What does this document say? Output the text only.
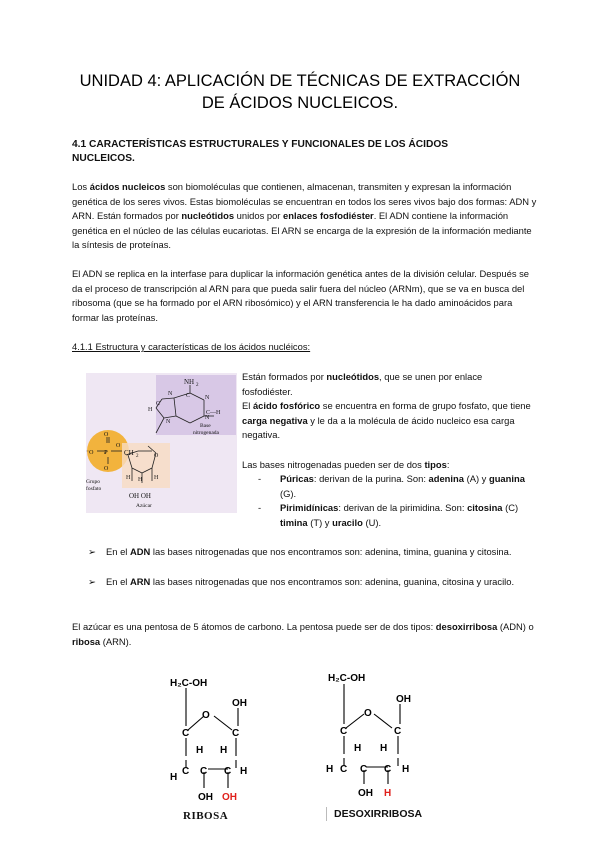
UNIDAD 4: APLICACIÓN DE TÉCNICAS DE EXTRACCIÓN
DE ÁCIDOS NUCLEICOS.
4.1 CARACTERÍSTICAS ESTRUCTURALES Y FUNCIONALES DE LOS ÁCIDOS
NUCLEICOS.
Los ácidos nucleicos son biomoléculas que contienen, almacenan, transmiten y expresan la información genética de los seres vivos. Estas biomoléculas se encuentran en todos los seres vivos bajo dos formas: ADN y ARN. Están formados por nucleótidos unidos por enlaces fosfodiéster. El ADN contiene la información genética en el núcleo de las células eucariotas. El ARN se encarga de la expresión de la información mediante la síntesis de proteínas.
El ADN se replica en la interfase para duplicar la información genética antes de la división celular. Después se da el proceso de transcripción al ARN para que pueda salir fuera del núcleo (ARNm), que se va en busca del ribosoma (que se ha formado por el ARN ribosómico) y el ARN transferencia le ha dado aminoácidos para formar las proteínas.
4.1.1 Estructura y características de los ácidos nucléicos:
NH 2
C
N
N
N
C—H
H
C
N
Base
nitrogenada
O
⁻O P
O
O
CH 2	O
H	H
H
OH OH
Azúcar
Grupo
fosfato

Están formados por nucleótidos, que se unen por enlace fosfodiéster.

El ácido fosfórico se encuentra en forma de grupo fosfato, que tiene carga negativa y le da a la molécula de ácido nucleico esa carga negativa.

Las bases nitrogenadas pueden ser de dos tipos:

-	Púricas: derivan de la purina. Son: adenina (A) y guanina (G).
-	Pirimidínicas: derivan de la pirimidina. Son: citosina (C) timina (T) y uracilo (U).
➢	En el ADN las bases nitrogenadas que nos encontramos son: adenina, timina, guanina y citosina.
➢	En el ARN las bases nitrogenadas que nos encontramos son: adenina, guanina, citosina y uracilo.
El azúcar es una pentosa de 5 átomos de carbono. La pentosa puede ser de dos tipos: desoxirribosa (ADN) o ribosa (ARN).
H₂C-OH
O
OH
C	C
H H
H
C C C H
OH OH
RIBOSA
H₂C-OH
O
OH
C	C
H H
C C C
H	H
OH H
DESOXIRRIBOSA
